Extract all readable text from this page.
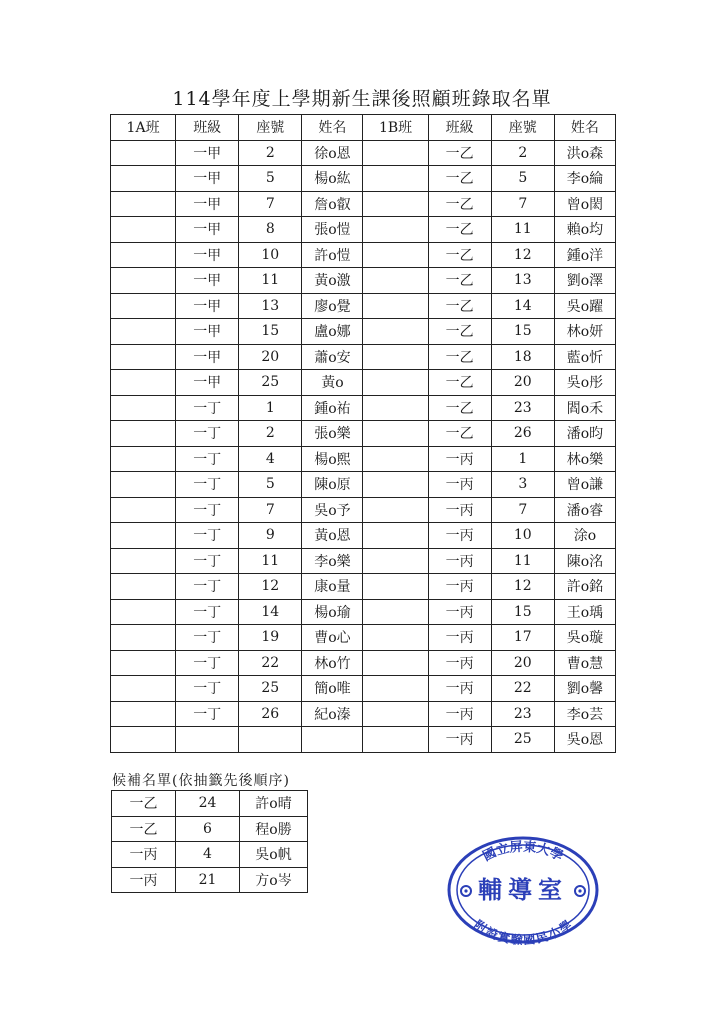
114學年度上學期新生課後照顧班錄取名單
1A班	班級	座號	姓名	1B班	班級	座號	姓名
	一甲	2	徐o恩		一乙	2	洪o森
	一甲	5	楊o紘		一乙	5	李o綸
	一甲	7	詹o叡		一乙	7	曾o閎
	一甲	8	張o愷		一乙	11	賴o均
	一甲	10	許o愷		一乙	12	鍾o洋
	一甲	11	黃o激		一乙	13	劉o澤
	一甲	13	廖o覺		一乙	14	吳o躍
	一甲	15	盧o娜		一乙	15	林o妍
	一甲	20	蕭o安		一乙	18	藍o忻
	一甲	25	黃o		一乙	20	吳o彤
	一丁	1	鍾o祐		一乙	23	閻o禾
	一丁	2	張o樂		一乙	26	潘o昀
	一丁	4	楊o熙		一丙	1	林o樂
	一丁	5	陳o原		一丙	3	曾o謙
	一丁	7	吳o予		一丙	7	潘o睿
	一丁	9	黃o恩		一丙	10	涂o
	一丁	11	李o樂		一丙	11	陳o洺
	一丁	12	康o量		一丙	12	許o銘
	一丁	14	楊o瑜		一丙	15	王o瑀
	一丁	19	曹o心		一丙	17	吳o璇
	一丁	22	林o竹		一丙	20	曹o慧
	一丁	25	簡o唯		一丙	22	劉o馨
	一丁	26	紀o溱		一丙	23	李o芸
					一丙	25	吳o恩
候補名單(依抽籤先後順序)
一乙	24	許o晴
一乙	6	程o勝
一丙	4	吳o帆
一丙	21	方o岑
國立屏東大學
輔導室
附設實驗國民小學
